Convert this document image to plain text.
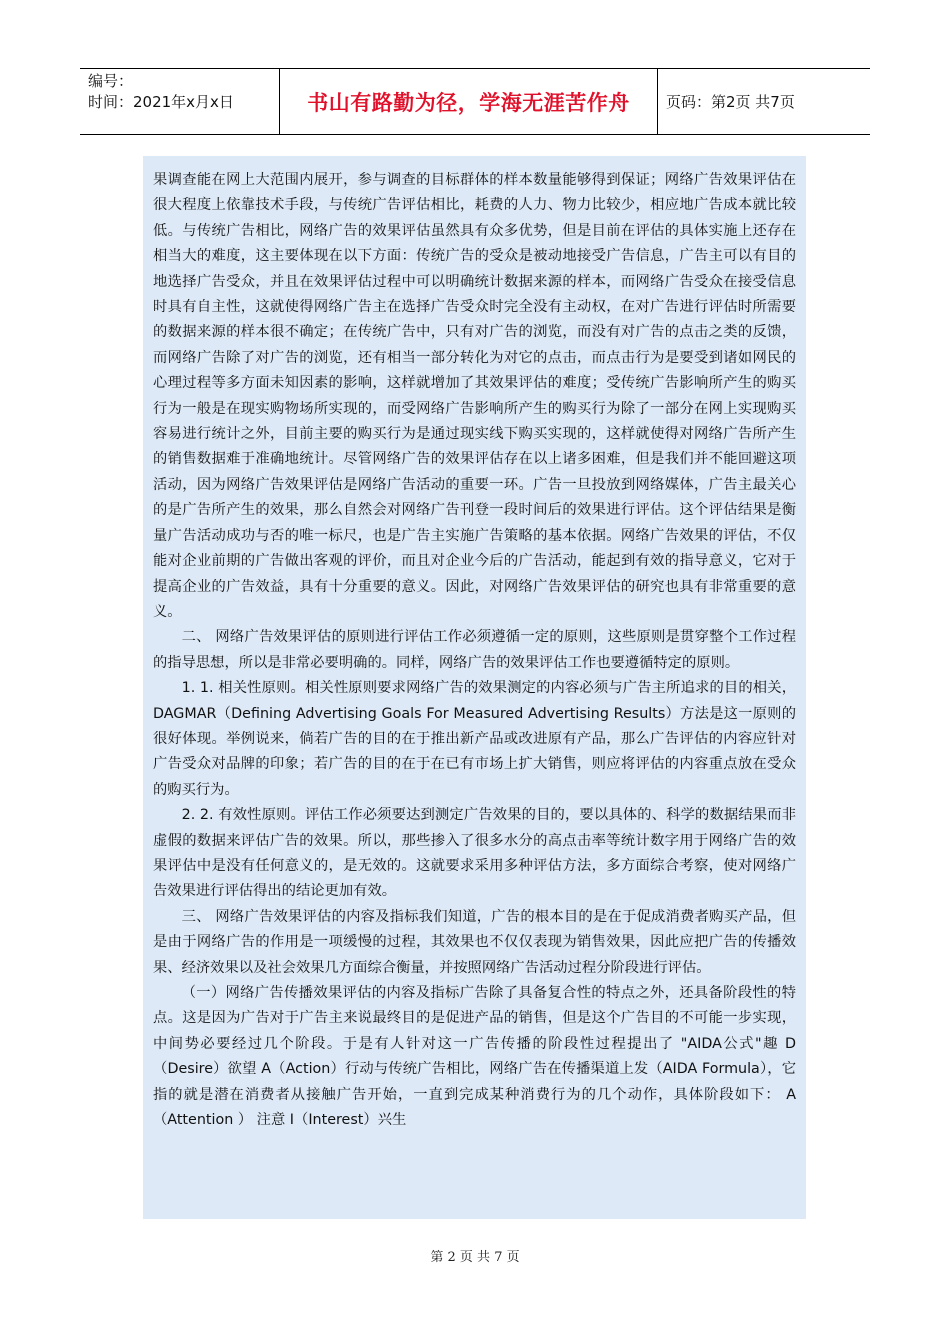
编号：
时间：2021年x月x日	书山有路勤为径，学海无涯苦作舟 页码：第2页 共7页

果调查能在网上大范围内展开，参与调查的目标群体的样本数量能够得到保证；网络广告效果评估在很大程度上依靠技术手段，与传统广告评估相比，耗费的人力、物力比较少，相应地广告成本就比较低。与传统广告相比，网络广告的效果评估虽然具有众多优势，但是目前在评估的具体实施上还存在相当大的难度，这主要体现在以下方面：传统广告的受众是被动地接受广告信息，广告主可以有目的地选择广告受众，并且在效果评估过程中可以明确统计数据来源的样本，而网络广告受众在接受信息时具有自主性，这就使得网络广告主在选择广告受众时完全没有主动权，在对广告进行评估时所需要的数据来源的样本很不确定；在传统广告中，只有对广告的浏览，而没有对广告的点击之类的反馈，而网络广告除了对广告的浏览，还有相当一部分转化为对它的点击，而点击行为是要受到诸如网民的心理过程等多方面未知因素的影响，这样就增加了其效果评估的难度；受传统广告影响所产生的购买行为一般是在现实购物场所实现的，而受网络广告影响所产生的购买行为除了一部分在网上实现购买容易进行统计之外，目前主要的购买行为是通过现实线下购买实现的，这样就使得对网络广告所产生的销售数据难于准确地统计。尽管网络广告的效果评估存在以上诸多困难，但是我们并不能回避这项活动，因为网络广告效果评估是网络广告活动的重要一环。广告一旦投放到网络媒体，广告主最关心的是广告所产生的效果，那么自然会对网络广告刊登一段时间后的效果进行评估。这个评估结果是衡量广告活动成功与否的唯一标尺，也是广告主实施广告策略的基本依据。网络广告效果的评估，不仅能对企业前期的广告做出客观的评价，而且对企业今后的广告活动，能起到有效的指导意义，它对于提高企业的广告效益，具有十分重要的意义。因此，对网络广告效果评估的研究也具有非常重要的意义。

二、 网络广告效果评估的原则进行评估工作必须遵循一定的原则，这些原则是贯穿整个工作过程的指导思想，所以是非常必要明确的。同样，网络广告的效果评估工作也要遵循特定的原则。

1. 1. 相关性原则。相关性原则要求网络广告的效果测定的内容必须与广告主所追求的目的相关，DAGMAR（Defining Advertising Goals For Measured Advertising Results）方法是这一原则的很好体现。举例说来，倘若广告的目的在于推出新产品或改进原有产品，那么广告评估的内容应针对广告受众对品牌的印象；若广告的目的在于在已有市场上扩大销售，则应将评估的内容重点放在受众的购买行为。

2. 2. 有效性原则。评估工作必须要达到测定广告效果的目的，要以具体的、科学的数据结果而非虚假的数据来评估广告的效果。所以，那些掺入了很多水分的高点击率等统计数字用于网络广告的效果评估中是没有任何意义的，是无效的。这就要求采用多种评估方法，多方面综合考察，使对网络广告效果进行评估得出的结论更加有效。

三、 网络广告效果评估的内容及指标我们知道，广告的根本目的是在于促成消费者购买产品，但是由于网络广告的作用是一项缓慢的过程，其效果也不仅仅表现为销售效果，因此应把广告的传播效果、经济效果以及社会效果几方面综合衡量，并按照网络广告活动过程分阶段进行评估。

（一）网络广告传播效果评估的内容及指标广告除了具备复合性的特点之外，还具备阶段性的特点。这是因为广告对于广告主来说最终目的是促进产品的销售，但是这个广告目的不可能一步实现，中间势必要经过几个阶段。于是有人针对这一广告传播的阶段性过程提出了 "AIDA公式"趣 D（Desire）欲望 A（Action）行动与传统广告相比，网络广告在传播渠道上发（AIDA Formula），它指的就是潜在消费者从接触广告开始，一直到完成某种消费行为的几个动作，具体阶段如下： A（Attention ） 注意 I（Interest）兴生

第 2 页 共 7 页
